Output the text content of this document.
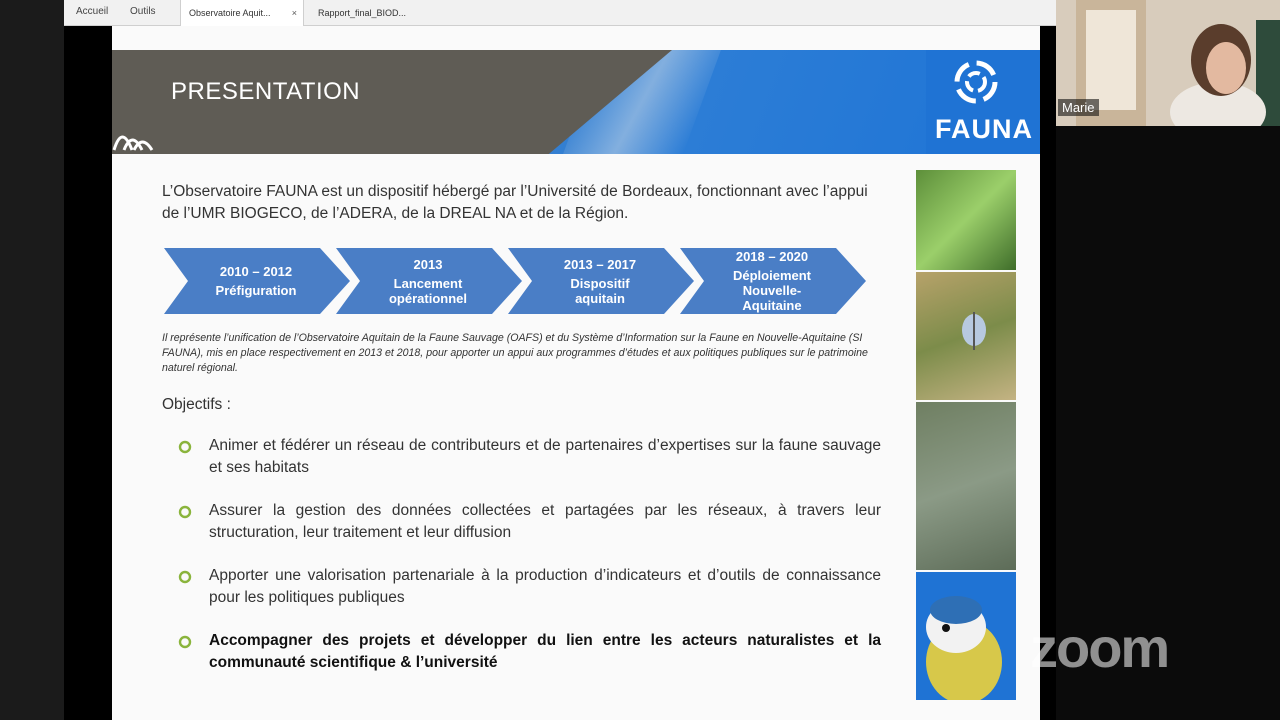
Accueil Outils	Observatoire Aquit... ×	Rapport_final_BIOD...
PRESENTATION
FAUNA
L’Observatoire FAUNA est un dispositif hébergé par l’Université de Bordeaux, fonctionnant avec l’appui de l’UMR BIOGECO, de l’ADERA, de la DREAL NA et de la Région.
2010 – 2012
Préfiguration
2013
Lancement opérationnel
2013 – 2017
Dispositif aquitain
2018 – 2020
Déploiement Nouvelle-Aquitaine
Il représente l’unification de l’Observatoire Aquitain de la Faune Sauvage (OAFS) et du Système d’Information sur la Faune en Nouvelle-Aquitaine (SI FAUNA), mis en place respectivement en 2013 et 2018, pour apporter un appui aux programmes d’études et aux politiques publiques sur le patrimoine naturel régional.
Objectifs :
Animer et fédérer un réseau de contributeurs et de partenaires d’expertises sur la faune sauvage et ses habitats
Assurer la gestion des données collectées et partagées par les réseaux, à travers leur structuration, leur traitement et leur diffusion
Apporter une valorisation partenariale à la production d’indicateurs et d’outils de connaissance pour les politiques publiques
Accompagner des projets et développer du lien entre les acteurs naturalistes et la communauté scientifique & l’université
Marie
zoom
